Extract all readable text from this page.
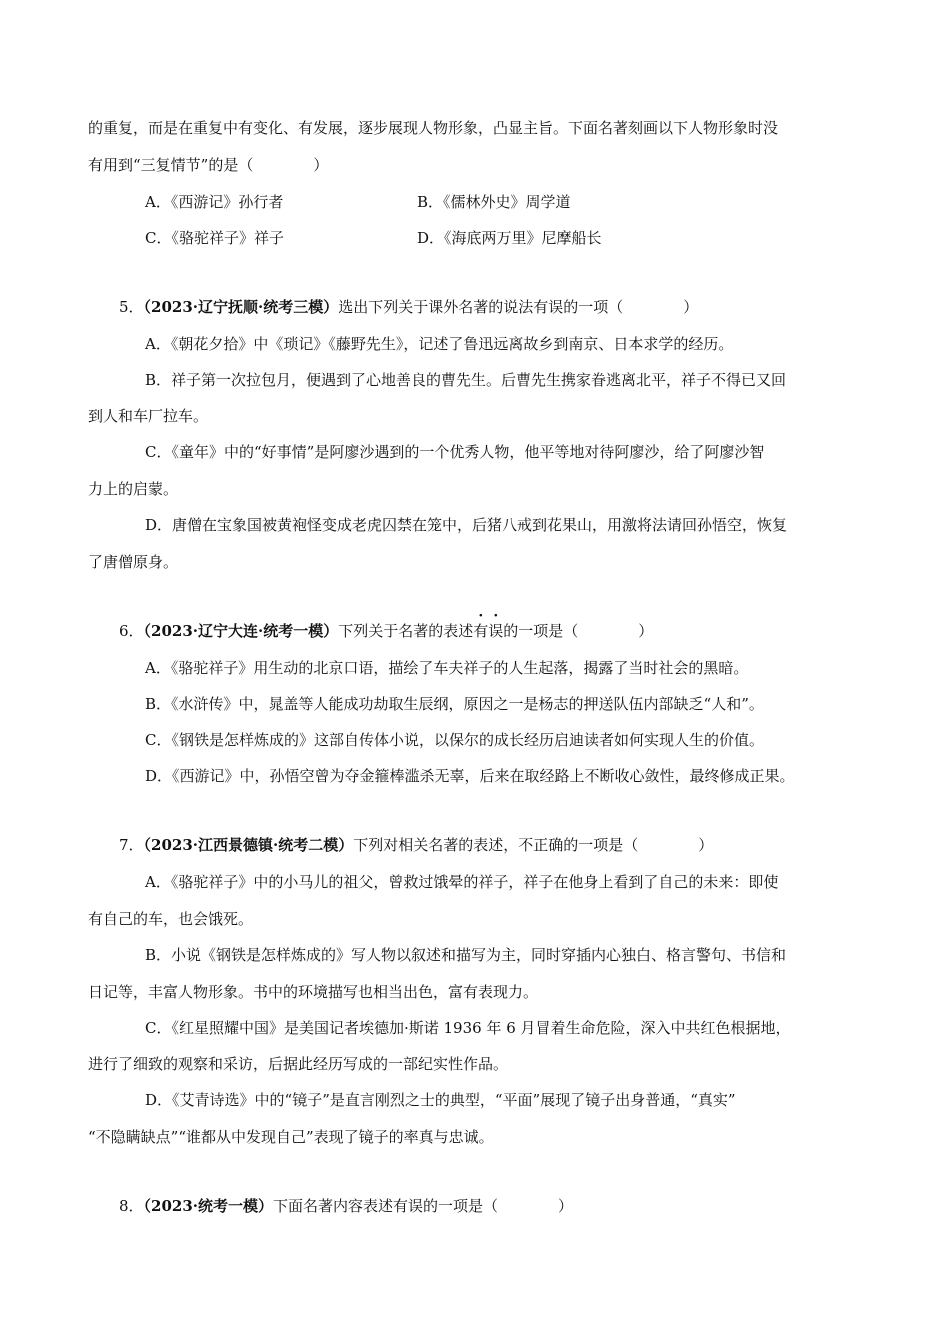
的重复，而是在重复中有变化、有发展，逐步展现人物形象，凸显主旨。下面名著刻画以下人物形象时没
有用到“三复情节”的是（　　　　）
A．《西游记》孙行者	B．《儒林外史》周学道
C．《骆驼祥子》祥子	D．《海底两万里》尼摩船长
5．（2023·辽宁抚顺·统考三模）选出下列关于课外名著的说法有误的一项（　　　　）
A．《朝花夕拾》中《琐记》《藤野先生》，记述了鲁迅远离故乡到南京、日本求学的经历。
B．祥子第一次拉包月，便遇到了心地善良的曹先生。后曹先生携家眷逃离北平，祥子不得已又回
到人和车厂拉车。
C．《童年》中的“好事情”是阿廖沙遇到的一个优秀人物，他平等地对待阿廖沙，给了阿廖沙智
力上的启蒙。
D．唐僧在宝象国被黄袍怪变成老虎囚禁在笼中，后猪八戒到花果山，用激将法请回孙悟空，恢复
了唐僧原身。
6．（2023·辽宁大连·统考一模）下列关于名著的表述有误的一项是（　　　　）
A．《骆驼祥子》用生动的北京口语，描绘了车夫祥子的人生起落，揭露了当时社会的黑暗。
B．《水浒传》中，晁盖等人能成功劫取生辰纲，原因之一是杨志的押送队伍内部缺乏“人和”。
C．《钢铁是怎样炼成的》这部自传体小说，以保尔的成长经历启迪读者如何实现人生的价值。
D．《西游记》中，孙悟空曾为夺金箍棒滥杀无辜，后来在取经路上不断收心敛性，最终修成正果。
7．（2023·江西景德镇·统考二模）下列对相关名著的表述，不正确的一项是（　　　　）
A．《骆驼祥子》中的小马儿的祖父，曾救过饿晕的祥子，祥子在他身上看到了自己的未来：即使
有自己的车，也会饿死。
B．小说《钢铁是怎样炼成的》写人物以叙述和描写为主，同时穿插内心独白、格言警句、书信和
日记等，丰富人物形象。书中的环境描写也相当出色，富有表现力。
C．《红星照耀中国》是美国记者埃德加·斯诺 1936 年 6 月冒着生命危险，深入中共红色根据地，
进行了细致的观察和采访，后据此经历写成的一部纪实性作品。
D．《艾青诗选》中的“镜子”是直言刚烈之士的典型，“平面”展现了镜子出身普通，“真实”
“不隐瞒缺点”“谁都从中发现自己”表现了镜子的率真与忠诚。
8．（2023·统考一模）下面名著内容表述有误的一项是（　　　　）
